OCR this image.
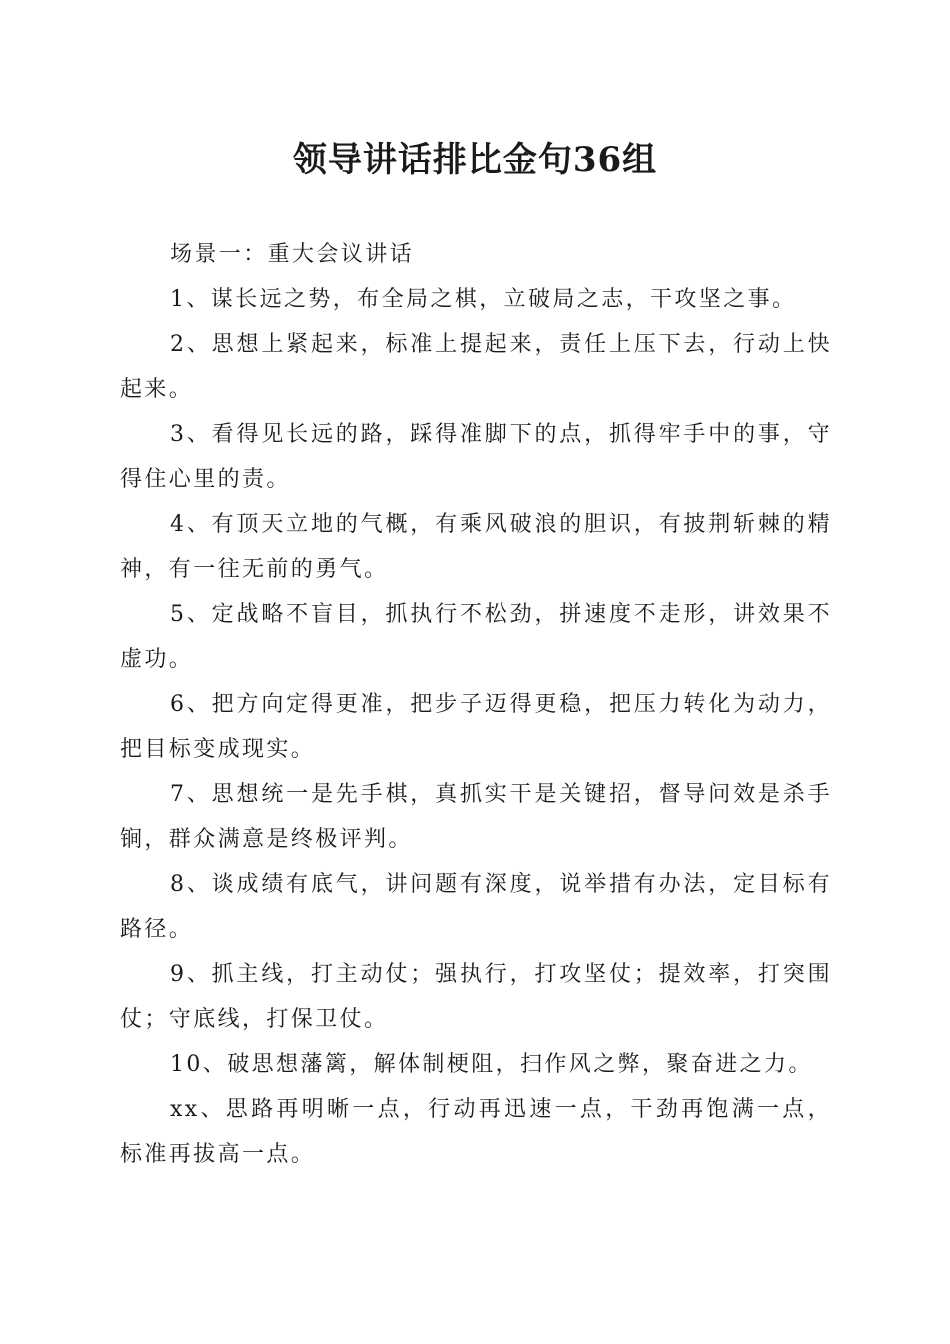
领导讲话排比金句36组

场景一：重大会议讲话

1、谋长远之势，布全局之棋，立破局之志，干攻坚之事。

2、思想上紧起来，标准上提起来，责任上压下去，行动上快起来。

3、看得见长远的路，踩得准脚下的点，抓得牢手中的事，守得住心里的责。

4、有顶天立地的气概，有乘风破浪的胆识，有披荆斩棘的精神，有一往无前的勇气。

5、定战略不盲目，抓执行不松劲，拼速度不走形，讲效果不虚功。

6、把方向定得更准，把步子迈得更稳，把压力转化为动力，把目标变成现实。

7、思想统一是先手棋，真抓实干是关键招，督导问效是杀手锏，群众满意是终极评判。

8、谈成绩有底气，讲问题有深度，说举措有办法，定目标有路径。

9、抓主线，打主动仗；强执行，打攻坚仗；提效率，打突围仗；守底线，打保卫仗。

10、破思想藩篱，解体制梗阻，扫作风之弊，聚奋进之力。

xx、思路再明晰一点，行动再迅速一点，干劲再饱满一点，标准再拔高一点。
